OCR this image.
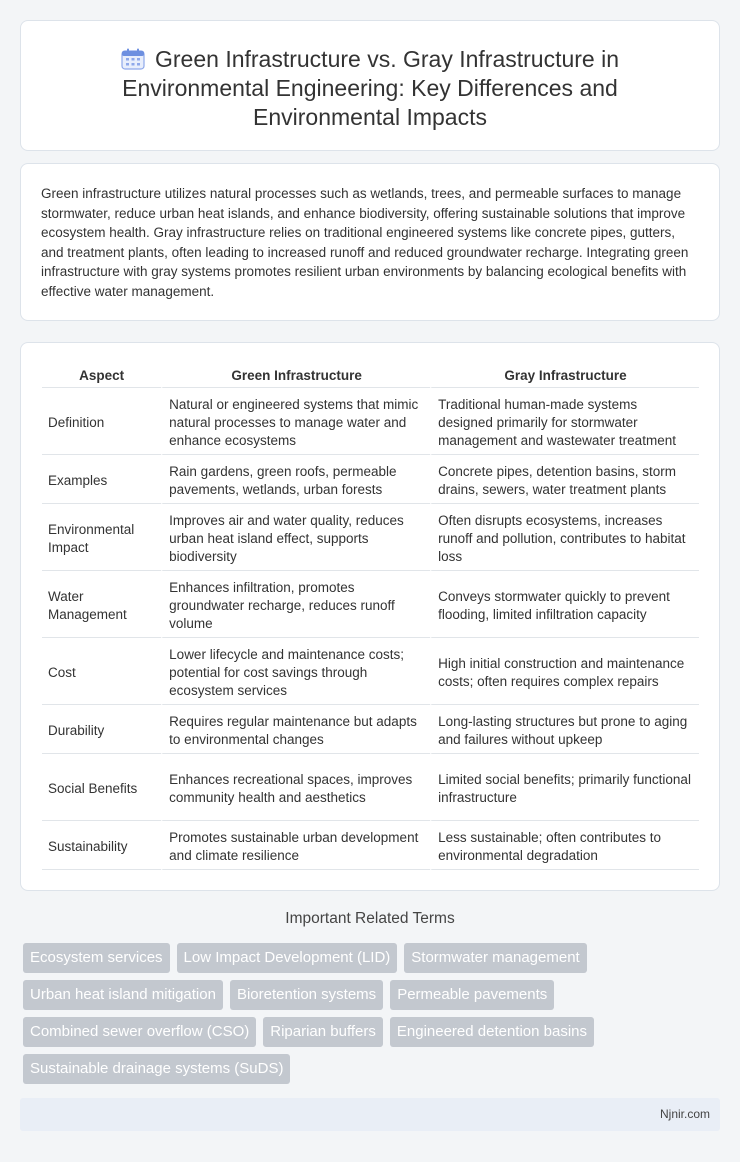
Green Infrastructure vs. Gray Infrastructure in Environmental Engineering: Key Differences and Environmental Impacts

Green infrastructure utilizes natural processes such as wetlands, trees, and permeable surfaces to manage stormwater, reduce urban heat islands, and enhance biodiversity, offering sustainable solutions that improve ecosystem health. Gray infrastructure relies on traditional engineered systems like concrete pipes, gutters, and treatment plants, often leading to increased runoff and reduced groundwater recharge. Integrating green infrastructure with gray systems promotes resilient urban environments by balancing ecological benefits with effective water management.

Aspect	Green Infrastructure	Gray Infrastructure
Definition	Natural or engineered systems that mimic natural processes to manage water and enhance ecosystems	Traditional human-made systems designed primarily for stormwater management and wastewater treatment
Examples	Rain gardens, green roofs, permeable pavements, wetlands, urban forests	Concrete pipes, detention basins, storm drains, sewers, water treatment plants
Environmental Impact	Improves air and water quality, reduces urban heat island effect, supports biodiversity	Often disrupts ecosystems, increases runoff and pollution, contributes to habitat loss
Water Management	Enhances infiltration, promotes groundwater recharge, reduces runoff volume	Conveys stormwater quickly to prevent flooding, limited infiltration capacity
Cost	Lower lifecycle and maintenance costs; potential for cost savings through ecosystem services	High initial construction and maintenance costs; often requires complex repairs
Durability	Requires regular maintenance but adapts to environmental changes	Long-lasting structures but prone to aging and failures without upkeep
Social Benefits	Enhances recreational spaces, improves community health and aesthetics	Limited social benefits; primarily functional infrastructure
Sustainability	Promotes sustainable urban development and climate resilience	Less sustainable; often contributes to environmental degradation
Important Related Terms
Ecosystem services	Low Impact Development (LID)	Stormwater management
Urban heat island mitigation	Bioretention systems	Permeable pavements
Combined sewer overflow (CSO)	Riparian buffers	Engineered detention basins
Sustainable drainage systems (SuDS)
Njnir.com
